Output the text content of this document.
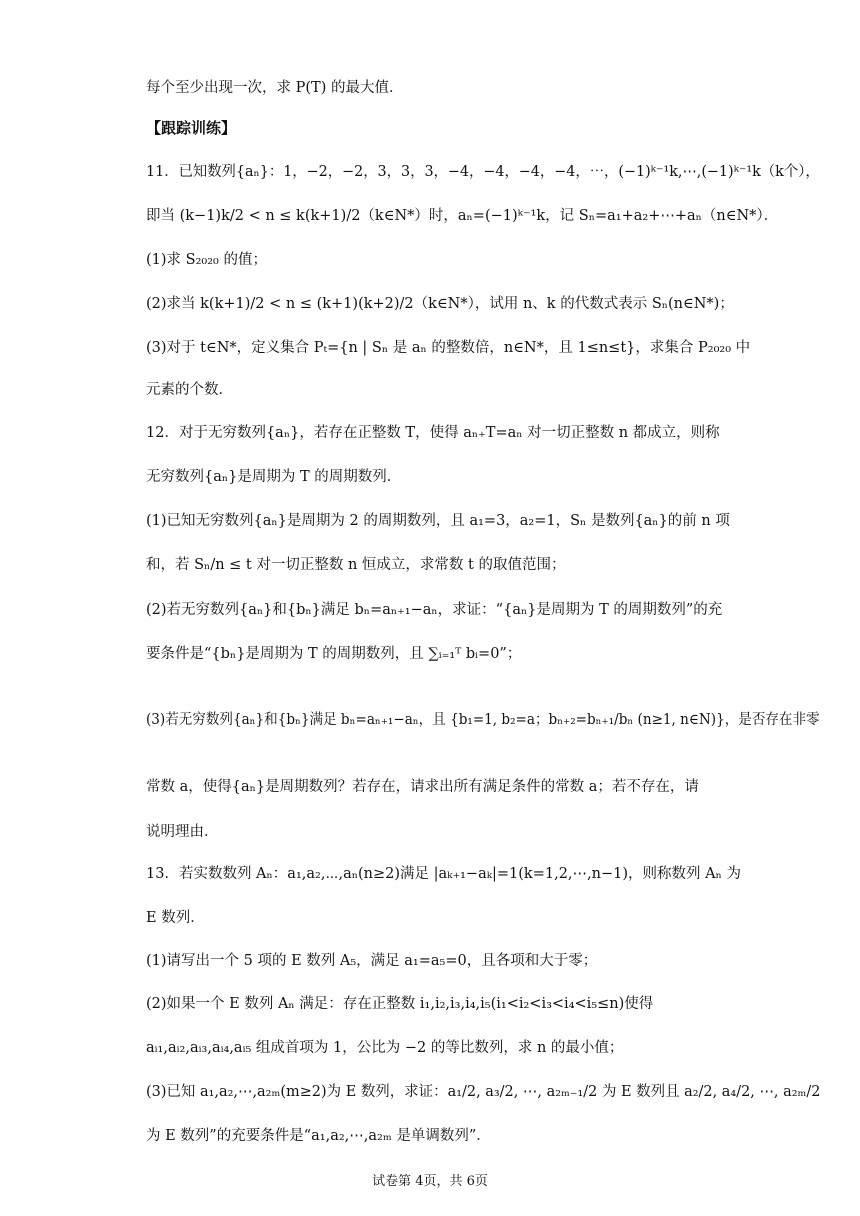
每个至少出现一次，求 P(T) 的最大值．
【跟踪训练】
11．已知数列{aₙ}：1，−2，−2，3，3，3，−4，−4，−4，−4，⋯，(−1)ᵏ⁻¹k,⋯,(−1)ᵏ⁻¹k（k个），
即当 (k−1)k/2 < n ≤ k(k+1)/2（k∈N*）时，aₙ=(−1)ᵏ⁻¹k，记 Sₙ=a₁+a₂+⋯+aₙ（n∈N*）．
(1)求 S₂₀₂₀ 的值；
(2)求当 k(k+1)/2 < n ≤ (k+1)(k+2)/2（k∈N*），试用 n、k 的代数式表示 Sₙ(n∈N*)；
(3)对于 t∈N*，定义集合 Pₜ={n | Sₙ 是 aₙ 的整数倍，n∈N*，且 1≤n≤t}，求集合 P₂₀₂₀ 中
元素的个数．
12．对于无穷数列{aₙ}，若存在正整数 T，使得 aₙ₊T=aₙ 对一切正整数 n 都成立，则称
无穷数列{aₙ}是周期为 T 的周期数列．
(1)已知无穷数列{aₙ}是周期为 2 的周期数列，且 a₁=3，a₂=1，Sₙ 是数列{aₙ}的前 n 项
和，若 Sₙ/n ≤ t 对一切正整数 n 恒成立，求常数 t 的取值范围；
(2)若无穷数列{aₙ}和{bₙ}满足 bₙ=aₙ₊₁−aₙ，求证：“{aₙ}是周期为 T 的周期数列”的充
要条件是“{bₙ}是周期为 T 的周期数列，且 ∑ᵢ₌₁ᵀ bᵢ=0”；
(3)若无穷数列{aₙ}和{bₙ}满足 bₙ=aₙ₊₁−aₙ，且 {b₁=1, b₂=a；bₙ₊₂=bₙ₊₁/bₙ (n≥1, n∈N)}，是否存在非零
常数 a，使得{aₙ}是周期数列？若存在，请求出所有满足条件的常数 a；若不存在，请
说明理由．
13．若实数数列 Aₙ：a₁,a₂,⋯,aₙ(n≥2)满足 |aₖ₊₁−aₖ|=1(k=1,2,⋯,n−1)，则称数列 Aₙ 为
E 数列．
(1)请写出一个 5 项的 E 数列 A₅，满足 a₁=a₅=0，且各项和大于零；
(2)如果一个 E 数列 Aₙ 满足：存在正整数 i₁,i₂,i₃,i₄,i₅(i₁<i₂<i₃<i₄<i₅≤n)使得
aᵢ₁,aᵢ₂,aᵢ₃,aᵢ₄,aᵢ₅ 组成首项为 1，公比为 −2 的等比数列，求 n 的最小值；
(3)已知 a₁,a₂,⋯,a₂ₘ(m≥2)为 E 数列，求证：a₁/2, a₃/2, ⋯, a₂ₘ₋₁/2 为 E 数列且 a₂/2, a₄/2, ⋯, a₂ₘ/2
为 E 数列”的充要条件是“a₁,a₂,⋯,a₂ₘ 是单调数列”．
试卷第 4页，共 6页
